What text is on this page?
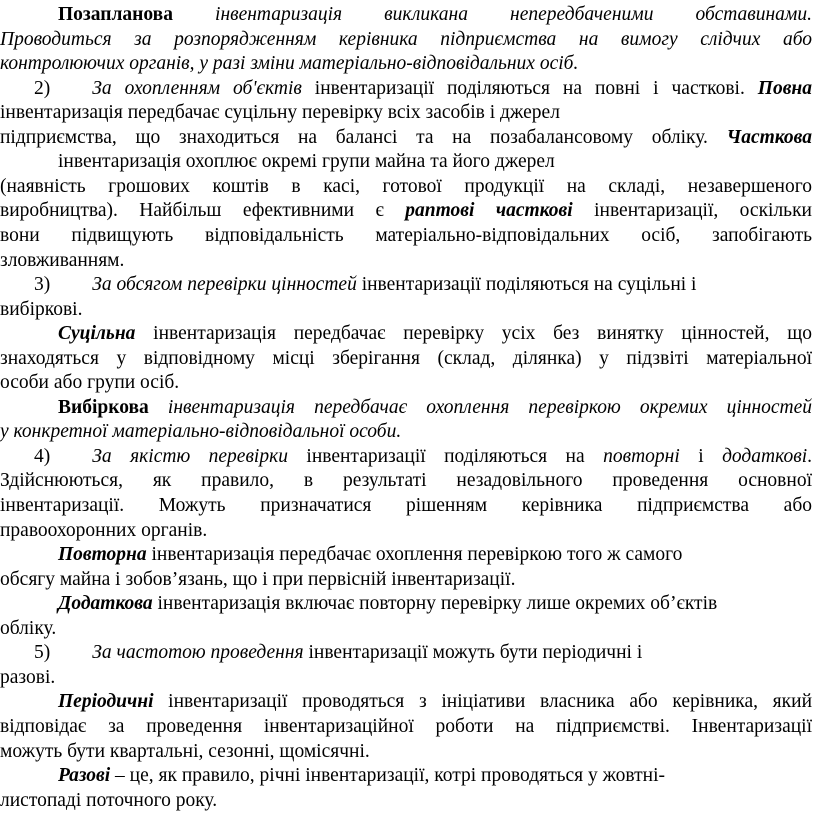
Позапланова інвентаризація викликана непередбаченими обставинами.
Проводиться за розпорядженням керівника підприємства на вимогу слідчих або
контролюючих органів, у разі зміни матеріально-відповідальних осіб.
2) За охопленням об'єктів інвентаризації поділяються на повні і часткові. Повна
інвентаризація передбачає суцільну перевірку всіх засобів і джерел
підприємства, що знаходиться на балансі та на позабалансовому обліку. Часткова
інвентаризація охоплює окремі групи майна та його джерел
(наявність грошових коштів в касі, готової продукції на складі, незавершеного
виробництва). Найбільш ефективними є раптові часткові інвентаризації, оскільки
вони підвищують відповідальність матеріально-відповідальних осіб, запобігають
зловживанням.
3) За обсягом перевірки цінностей інвентаризації поділяються на суцільні і
вибіркові.
Суцільна інвентаризація передбачає перевірку усіх без винятку цінностей, що
знаходяться у відповідному місці зберігання (склад, ділянка) у підзвіті матеріальної
особи або групи осіб.
Вибіркова інвентаризація передбачає охоплення перевіркою окремих цінностей
у конкретної матеріально-відповідальної особи.
4) За якістю перевірки інвентаризації поділяються на повторні і додаткові.
Здійснюються, як правило, в результаті незадовільного проведення основної
інвентаризації. Можуть призначатися рішенням керівника підприємства або
правоохоронних органів.
Повторна інвентаризація передбачає охоплення перевіркою того ж самого
обсягу майна і зобов’язань, що і при первісній інвентаризації.
Додаткова інвентаризація включає повторну перевірку лише окремих об’єктів
обліку.
5) За частотою проведення інвентаризації можуть бути періодичні і
разові.
Періодичні інвентаризації проводяться з ініціативи власника або керівника, який
відповідає за проведення інвентаризаційної роботи на підприємстві. Інвентаризації
можуть бути квартальні, сезонні, щомісячні.
Разові – це, як правило, річні інвентаризації, котрі проводяться у жовтні-
листопаді поточного року.
